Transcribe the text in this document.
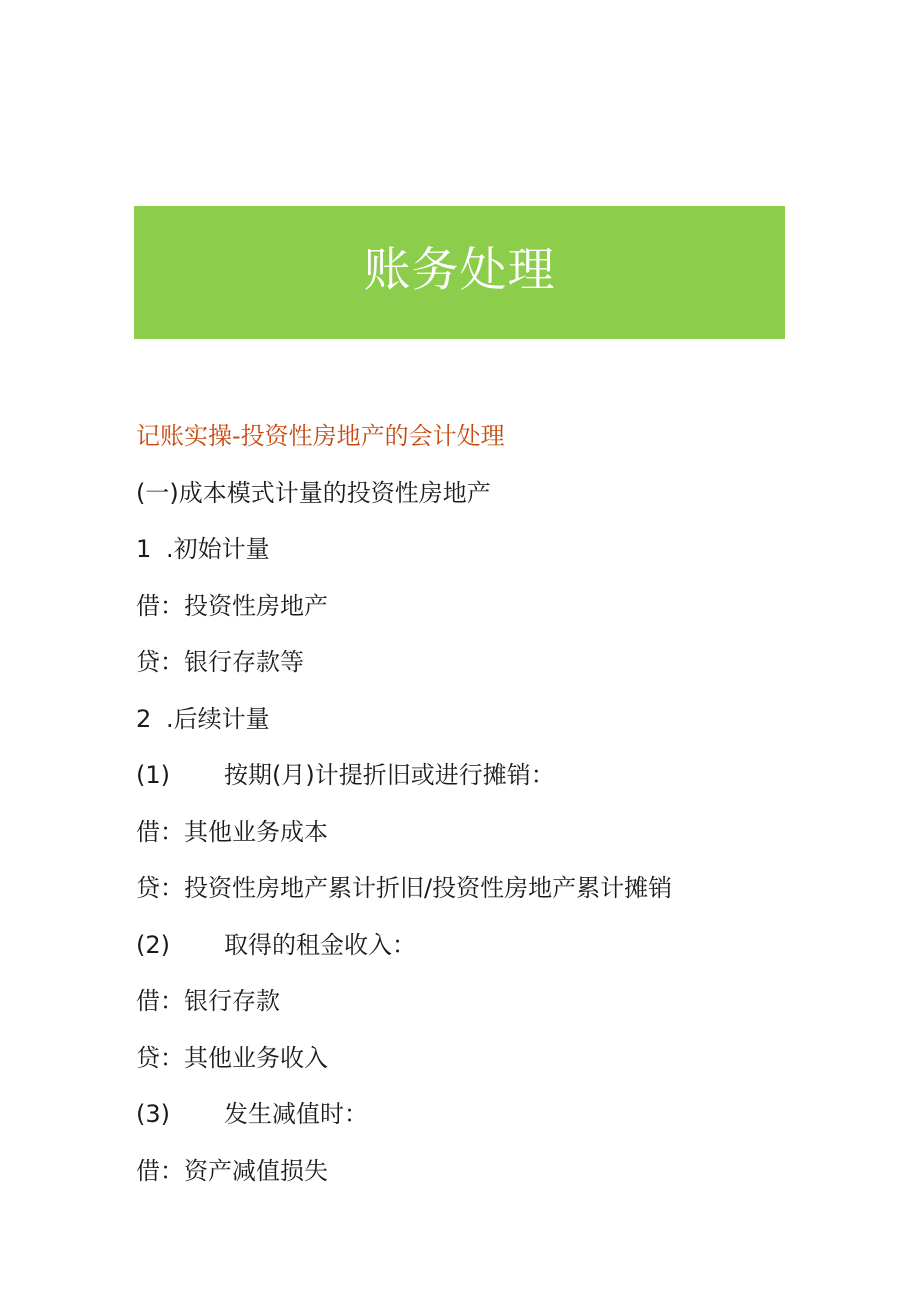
账务处理
记账实操-投资性房地产的会计处理
(一)成本模式计量的投资性房地产
1 .初始计量
借：投资性房地产
贷：银行存款等
2 .后续计量
(1) 按期(月)计提折旧或进行摊销：
借：其他业务成本
贷：投资性房地产累计折旧/投资性房地产累计摊销
(2) 取得的租金收入：
借：银行存款
贷：其他业务收入
(3) 发生减值时：
借：资产减值损失
